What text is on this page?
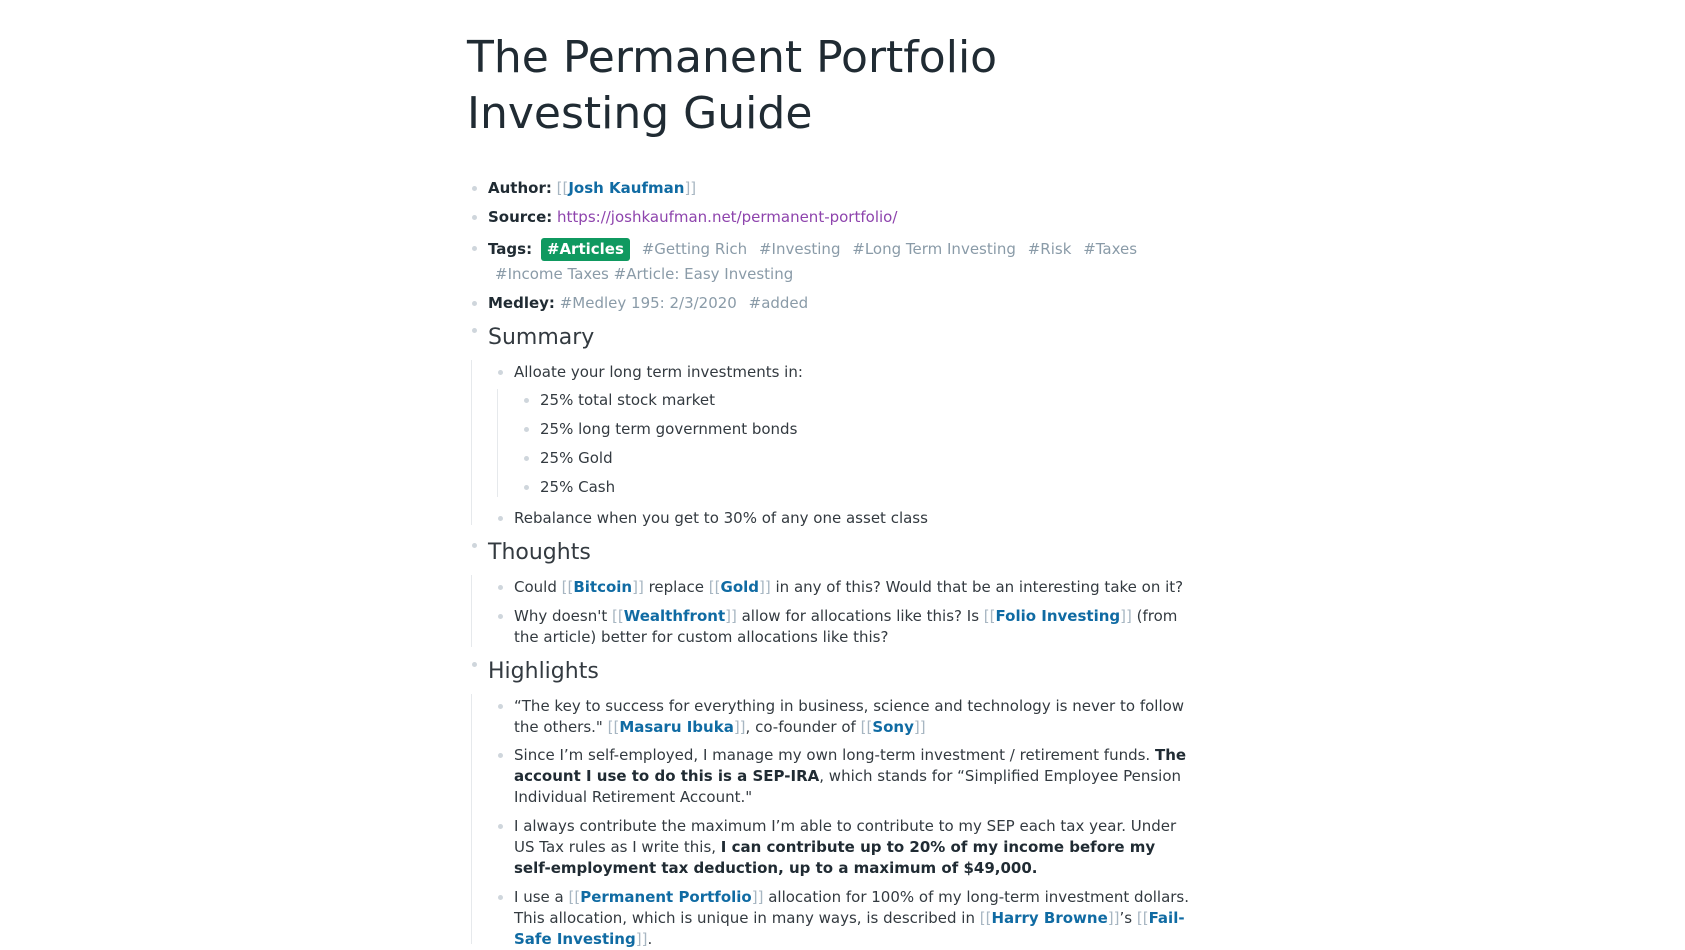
The Permanent Portfolio Investing Guide
Author: [[Josh Kaufman]]
Source: https://joshkaufman.net/permanent-portfolio/
Tags: #Articles #Getting Rich #Investing #Long Term Investing #Risk #Taxes #Income Taxes #Article: Easy Investing
Medley: #Medley 195: 2/3/2020 #added
Summary
Alloate your long term investments in:
25% total stock market
25% long term government bonds
25% Gold
25% Cash
Rebalance when you get to 30% of any one asset class
Thoughts
Could [[Bitcoin]] replace [[Gold]] in any of this? Would that be an interesting take on it?
Why doesn't [[Wealthfront]] allow for allocations like this? Is [[Folio Investing]] (from the article) better for custom allocations like this?
Highlights
“The key to success for everything in business, science and technology is never to follow the others." [[Masaru Ibuka]], co-founder of [[Sony]]
Since I’m self-employed, I manage my own long-term investment / retirement funds. The account I use to do this is a SEP-IRA, which stands for “Simplified Employee Pension Individual Retirement Account."
I always contribute the maximum I’m able to contribute to my SEP each tax year. Under US Tax rules as I write this, I can contribute up to 20% of my income before my self-employment tax deduction, up to a maximum of $49,000.
I use a [[Permanent Portfolio]] allocation for 100% of my long-term investment dollars. This allocation, which is unique in many ways, is described in [[Harry Browne]]’s [[Fail-Safe Investing]].
